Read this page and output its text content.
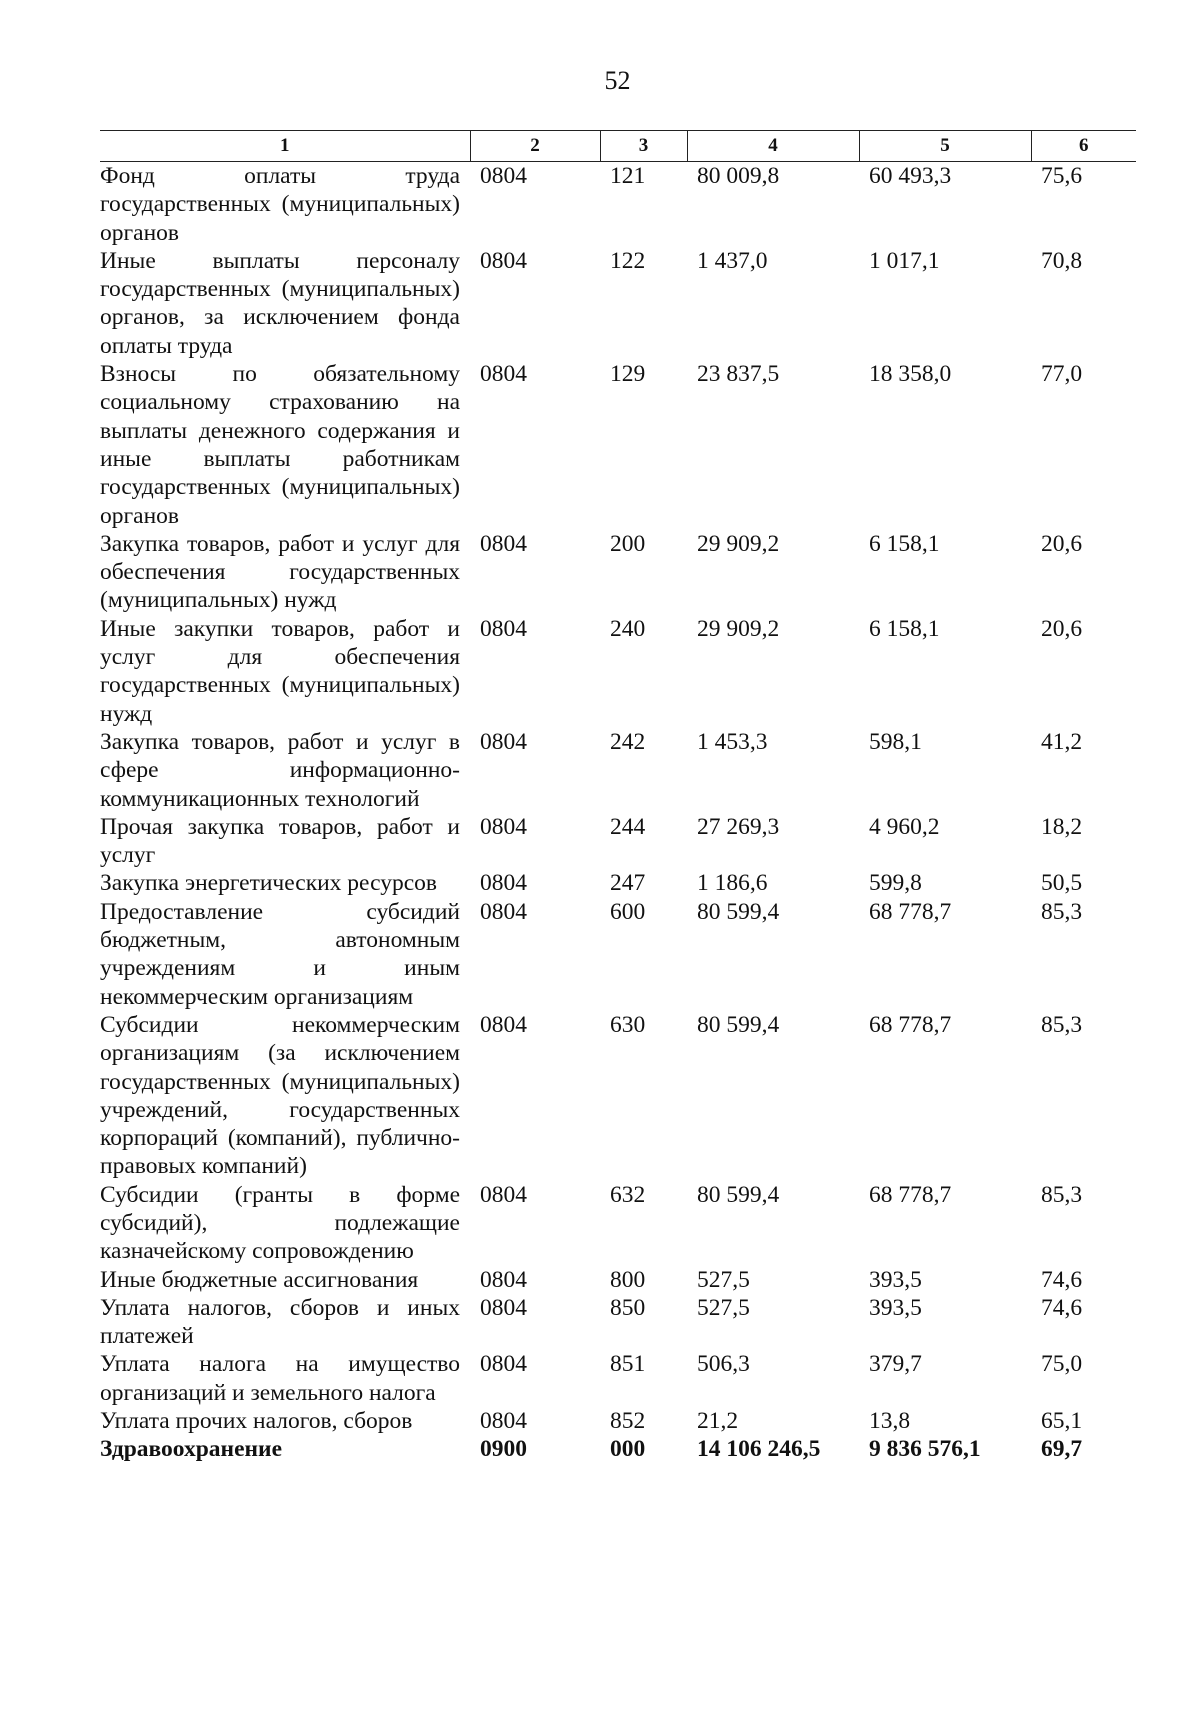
52
1	2	3	4	5	6
Фонд оплаты труда государственных (муниципальных) органов	0804	121	80 009,8	60 493,3	75,6
Иные выплаты персоналу государственных (муниципальных) органов, за исключением фонда оплаты труда	0804	122	1 437,0	1 017,1	70,8
Взносы по обязательному социальному страхованию на выплаты денежного содержания и иные выплаты работникам государственных (муниципальных) органов	0804	129	23 837,5	18 358,0	77,0
Закупка товаров, работ и услуг для обеспечения государственных (муниципальных) нужд	0804	200	29 909,2	6 158,1	20,6
Иные закупки товаров, работ и услуг для обеспечения государственных (муниципальных) нужд	0804	240	29 909,2	6 158,1	20,6
Закупка товаров, работ и услуг в сфере информационно-коммуникационных технологий	0804	242	1 453,3	598,1	41,2
Прочая закупка товаров, работ и услуг	0804	244	27 269,3	4 960,2	18,2
Закупка энергетических ресурсов	0804	247	1 186,6	599,8	50,5
Предоставление субсидий бюджетным, автономным учреждениям и иным некоммерческим организациям	0804	600	80 599,4	68 778,7	85,3
Субсидии некоммерческим организациям (за исключением государственных (муниципальных) учреждений, государственных корпораций (компаний), публично-правовых компаний)	0804	630	80 599,4	68 778,7	85,3
Субсидии (гранты в форме субсидий), подлежащие казначейскому сопровождению	0804	632	80 599,4	68 778,7	85,3
Иные бюджетные ассигнования	0804	800	527,5	393,5	74,6
Уплата налогов, сборов и иных платежей	0804	850	527,5	393,5	74,6
Уплата налога на имущество организаций и земельного налога	0804	851	506,3	379,7	75,0
Уплата прочих налогов, сборов	0804	852	21,2	13,8	65,1
Здравоохранение	0900	000	14 106 246,5	9 836 576,1	69,7
